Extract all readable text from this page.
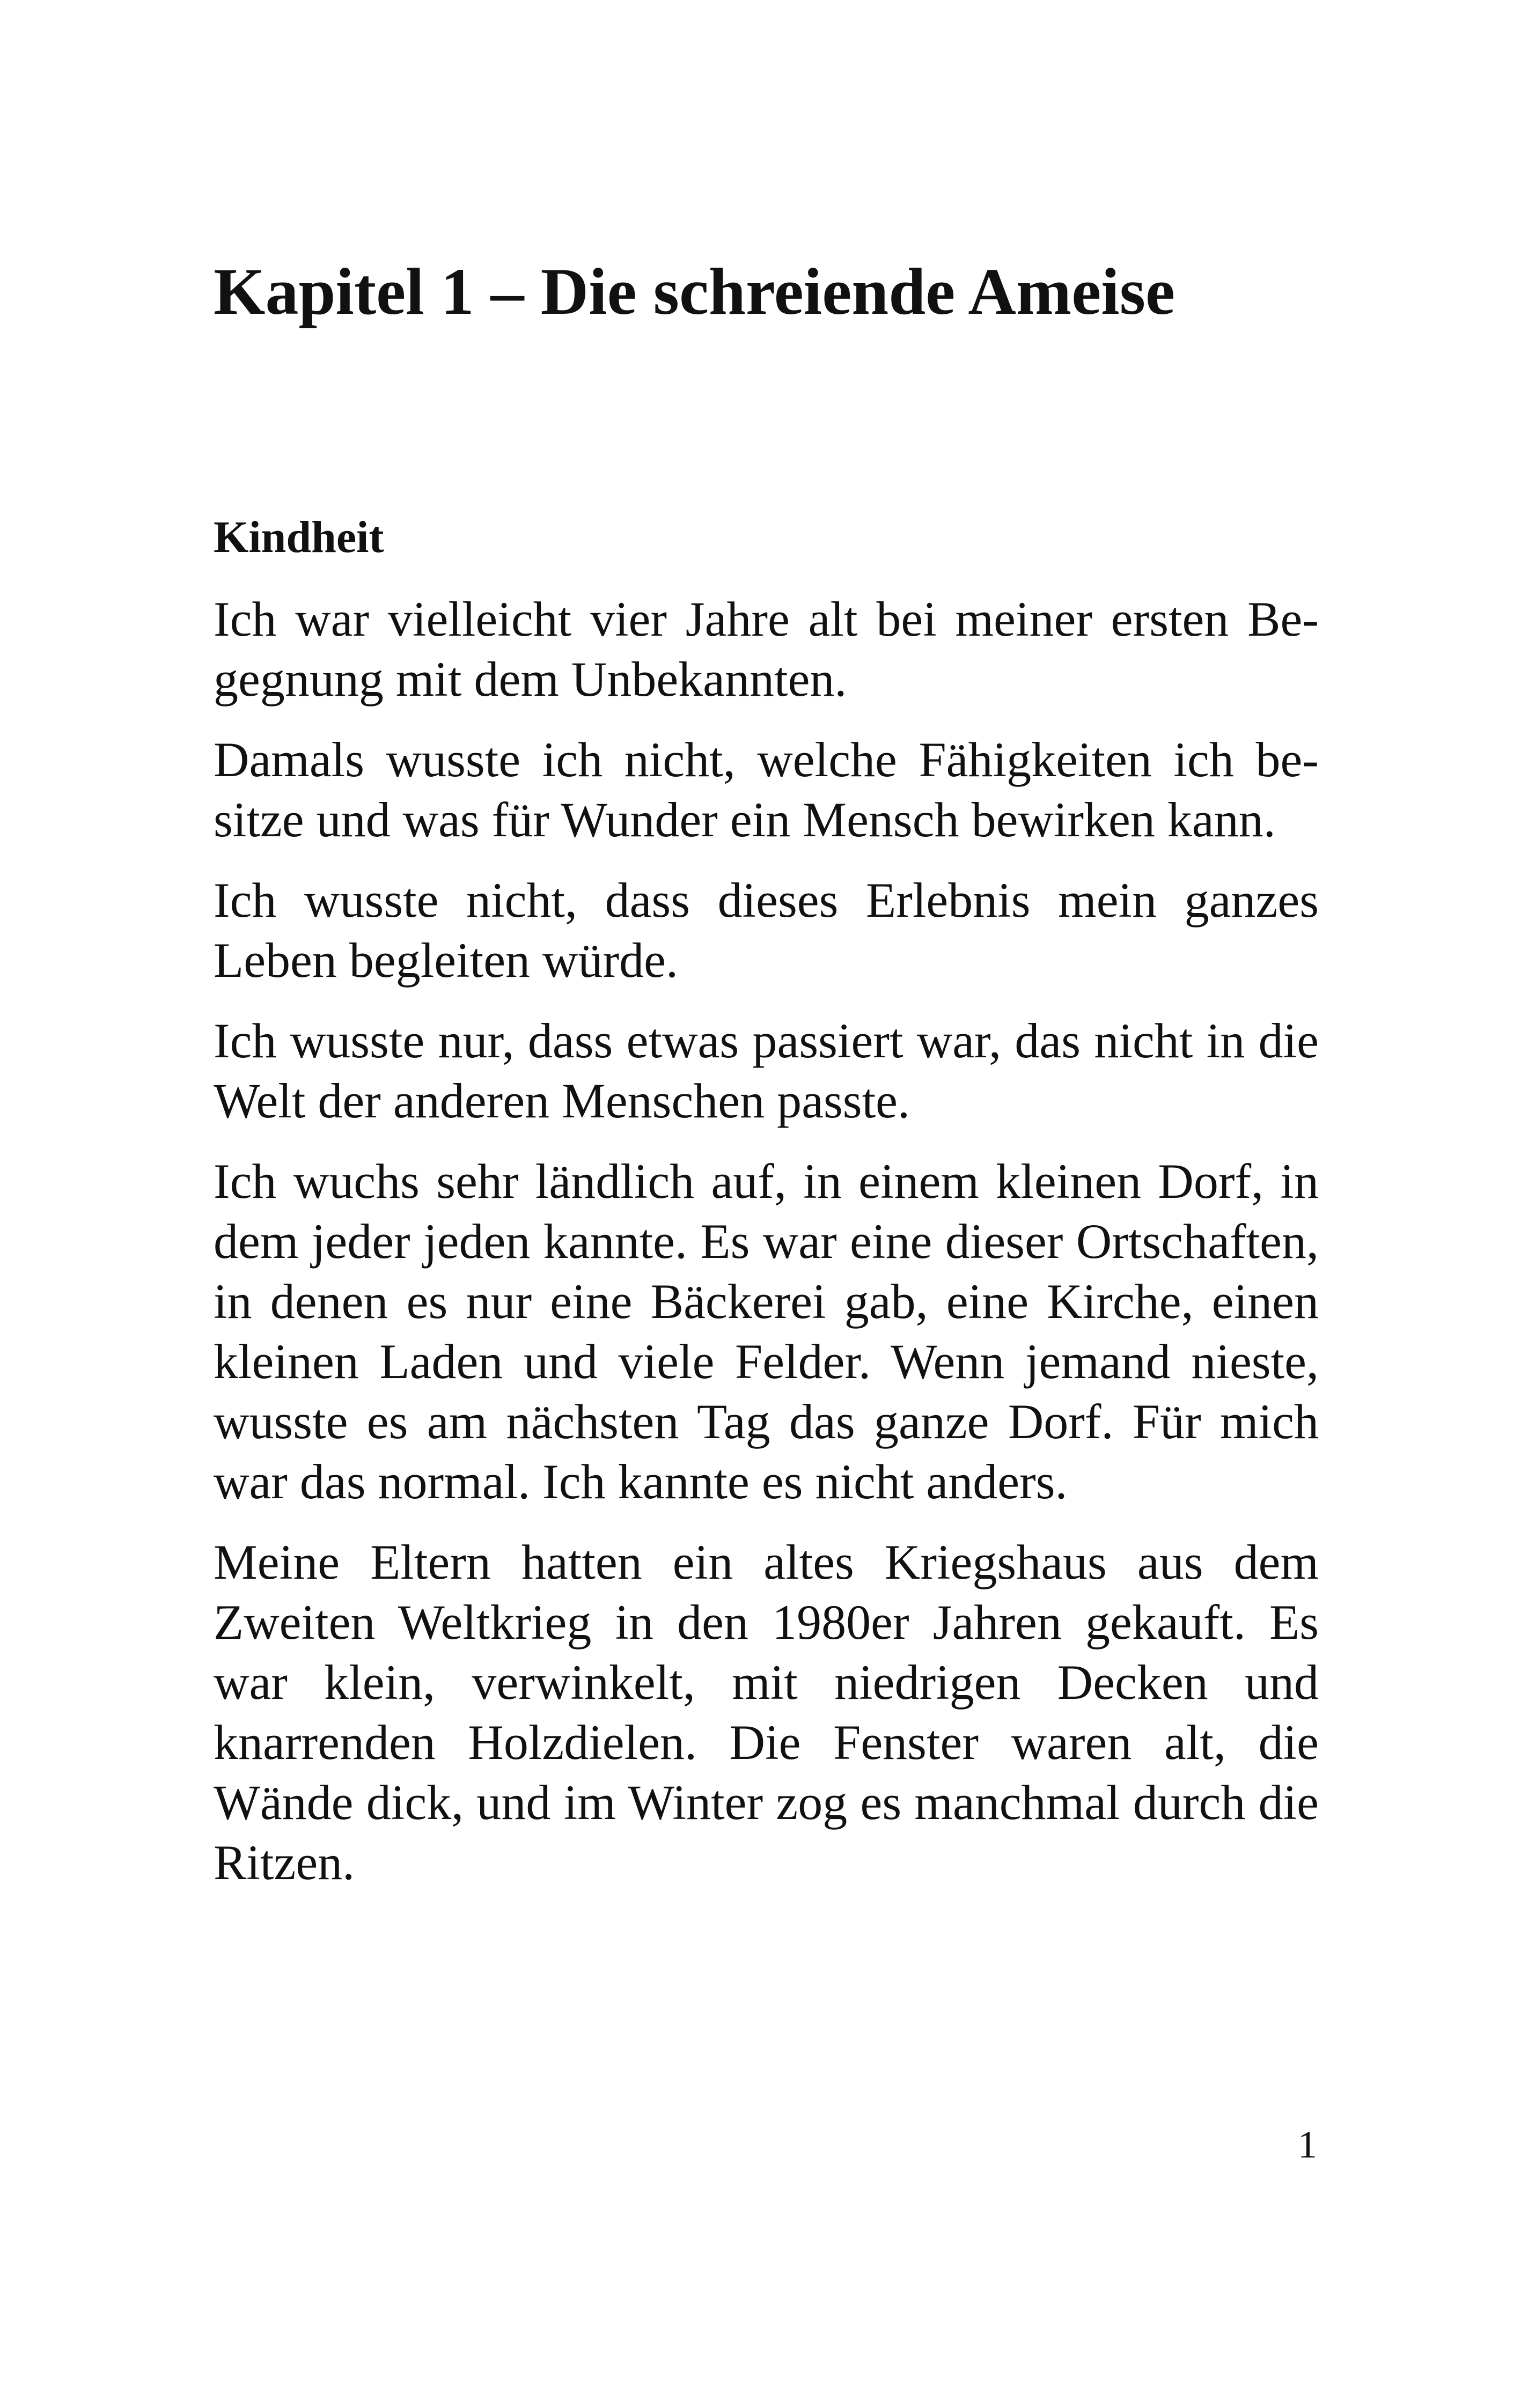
Kapitel 1 – Die schreiende Ameise
Kindheit

Ich war vielleicht vier Jahre alt bei meiner ersten Begegnung mit dem Unbekannten.

Damals wusste ich nicht, welche Fähigkeiten ich besitze und was für Wunder ein Mensch bewirken kann.

Ich wusste nicht, dass dieses Erlebnis mein ganzes Leben begleiten würde.

Ich wusste nur, dass etwas passiert war, das nicht in die Welt der anderen Menschen passte.

Ich wuchs sehr ländlich auf, in einem kleinen Dorf, in dem jeder jeden kannte. Es war eine dieser Ortschaften, in denen es nur eine Bäckerei gab, eine Kirche, einen kleinen Laden und viele Felder. Wenn jemand nieste, wusste es am nächsten Tag das ganze Dorf. Für mich war das normal. Ich kannte es nicht anders.

Meine Eltern hatten ein altes Kriegshaus aus dem Zweiten Weltkrieg in den 1980er Jahren gekauft. Es war klein, verwinkelt, mit niedrigen Decken und knarrenden Holzdielen. Die Fenster waren alt, die Wände dick, und im Winter zog es manchmal durch die Ritzen.

1
